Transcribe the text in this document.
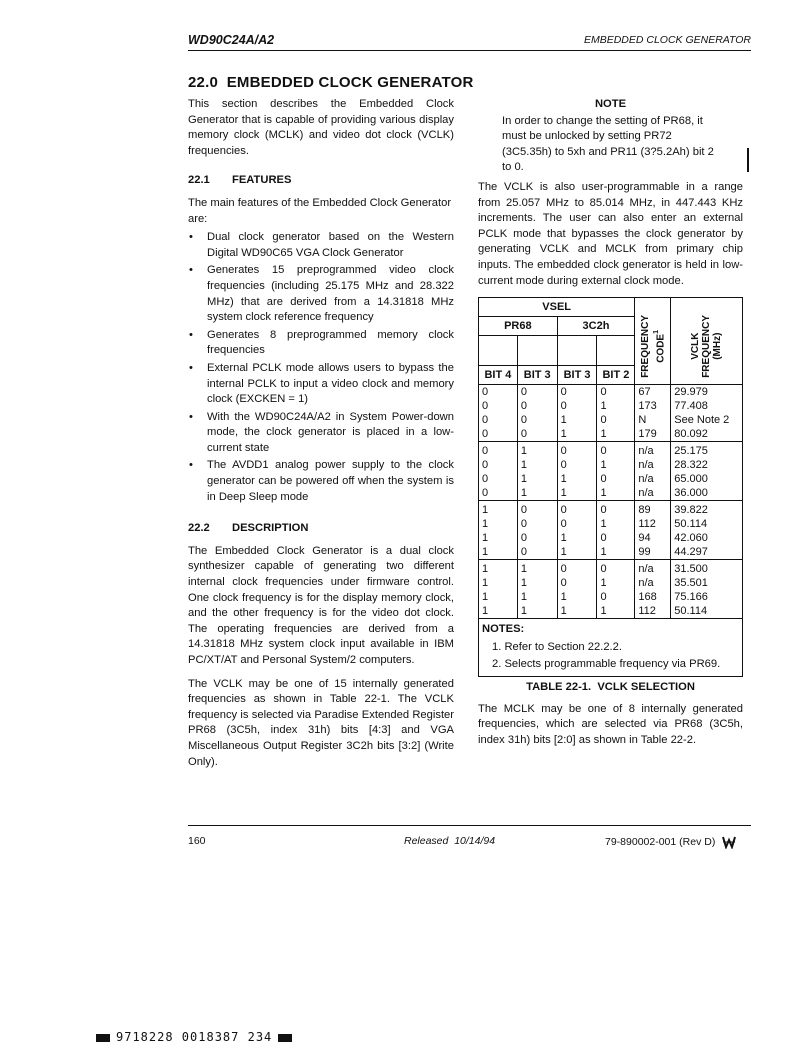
WD90C24A/A2	EMBEDDED CLOCK GENERATOR
22.0  EMBEDDED CLOCK GENERATOR

This section describes the Embedded Clock Generator that is capable of providing various display memory clock (MCLK) and video dot clock (VCLK) frequencies.

22.1 FEATURES

The main features of the Embedded Clock Generator are:

• Dual clock generator based on the Western Digital WD90C65 VGA Clock Generator
• Generates 15 preprogrammed video clock frequencies (including 25.175 MHz and 28.322 MHz) that are derived from a 14.31818 MHz system clock reference frequency
• Generates 8 preprogrammed memory clock frequencies
• External PCLK mode allows users to bypass the internal PCLK to input a video clock and memory clock (EXCKEN = 1)
• With the WD90C24A/A2 in System Power-down mode, the clock generator is placed in a low-current state
• The AVDD1 analog power supply to the clock generator can be powered off when the system is in Deep Sleep mode
22.2 DESCRIPTION

The Embedded Clock Generator is a dual clock synthesizer capable of generating two different internal clock frequencies under firmware control. One clock frequency is for the display memory clock, and the other frequency is for the video dot clock. The operating frequencies are derived from a 14.31818 MHz system clock input available in IBM PC/XT/AT and Personal System/2 computers.

The VCLK may be one of 15 internally generated frequencies as shown in Table 22-1. The VCLK frequency is selected via Paradise Extended Register PR68 (3C5h, index 31h) bits [4:3] and VGA Miscellaneous Output Register 3C2h bits [3:2] (Write Only).

NOTE

In order to change the setting of PR68, it must be unlocked by setting PR72 (3C5.35h) to 5xh and PR11 (3?5.2Ah) bit 2 to 0.

The VCLK is also user-programmable in a range from 25.057 MHz to 85.014 MHz, in 447.443 KHz increments. The user can also enter an external PCLK mode that bypasses the clock generator by generating VCLK and MCLK from primary chip inputs. The embedded clock generator is held in low-current mode during external clock mode.

VSEL				FREQUENCY CODE$^1$	VCLK
FREQUENCY
(MHz)
PR68		3C2h			

BIT 4	BIT 3	BIT 3	BIT 2		
0	0	0	0	67	29.979
0	0	0	1	173	77.408
0	0	1	0	N	See Note 2
0	0	1	1	179	80.092
0	1	0	0	n/a	25.175
0	1	0	1	n/a	28.322
0	1	1	0	n/a	65.000
0	1	1	1	n/a	36.000
1	0	0	0	89	39.822
1	0	0	1	112	50.114
1	0	1	0	94	42.060
1	0	1	1	99	44.297
1	1	0	0	n/a	31.500
1	1	0	1	n/a	35.501
1	1	1	0	168	75.166
1	1	1	1	112	50.114
NOTES:
1. Refer to Section 22.2.2.
2. Selects programmable frequency via PR69.
TABLE 22-1.  VCLK SELECTION

The MCLK may be one of 8 internally generated frequencies, which are selected via PR68 (3C5h, index 31h) bits [2:0] as shown in Table 22-2.

160	Released  10/14/94	79-890002-001 (Rev D)
9718228 0018387 234
